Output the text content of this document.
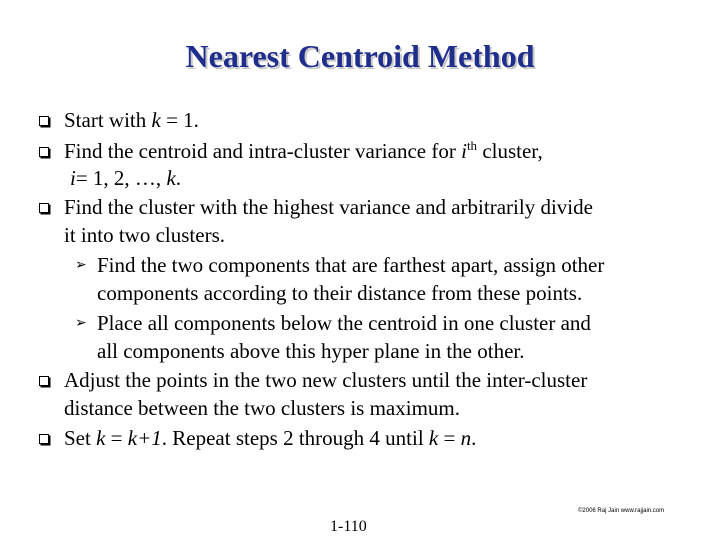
Nearest Centroid Method
Start with k = 1.
Find the centroid and intra-cluster variance for $i^{th}$ cluster,
i= 1, 2, …, k.
Find the cluster with the highest variance and arbitrarily divide
it into two clusters.
➢ Find the two components that are farthest apart, assign other
components according to their distance from these points.
➢ Place all components below the centroid in one cluster and
all components above this hyper plane in the other.
Adjust the points in the two new clusters until the inter-cluster
distance between the two clusters is maximum.
Set k = k+1. Repeat steps 2 through 4 until k = n.
©2006 Raj Jain www.rajjain.com
1-110
